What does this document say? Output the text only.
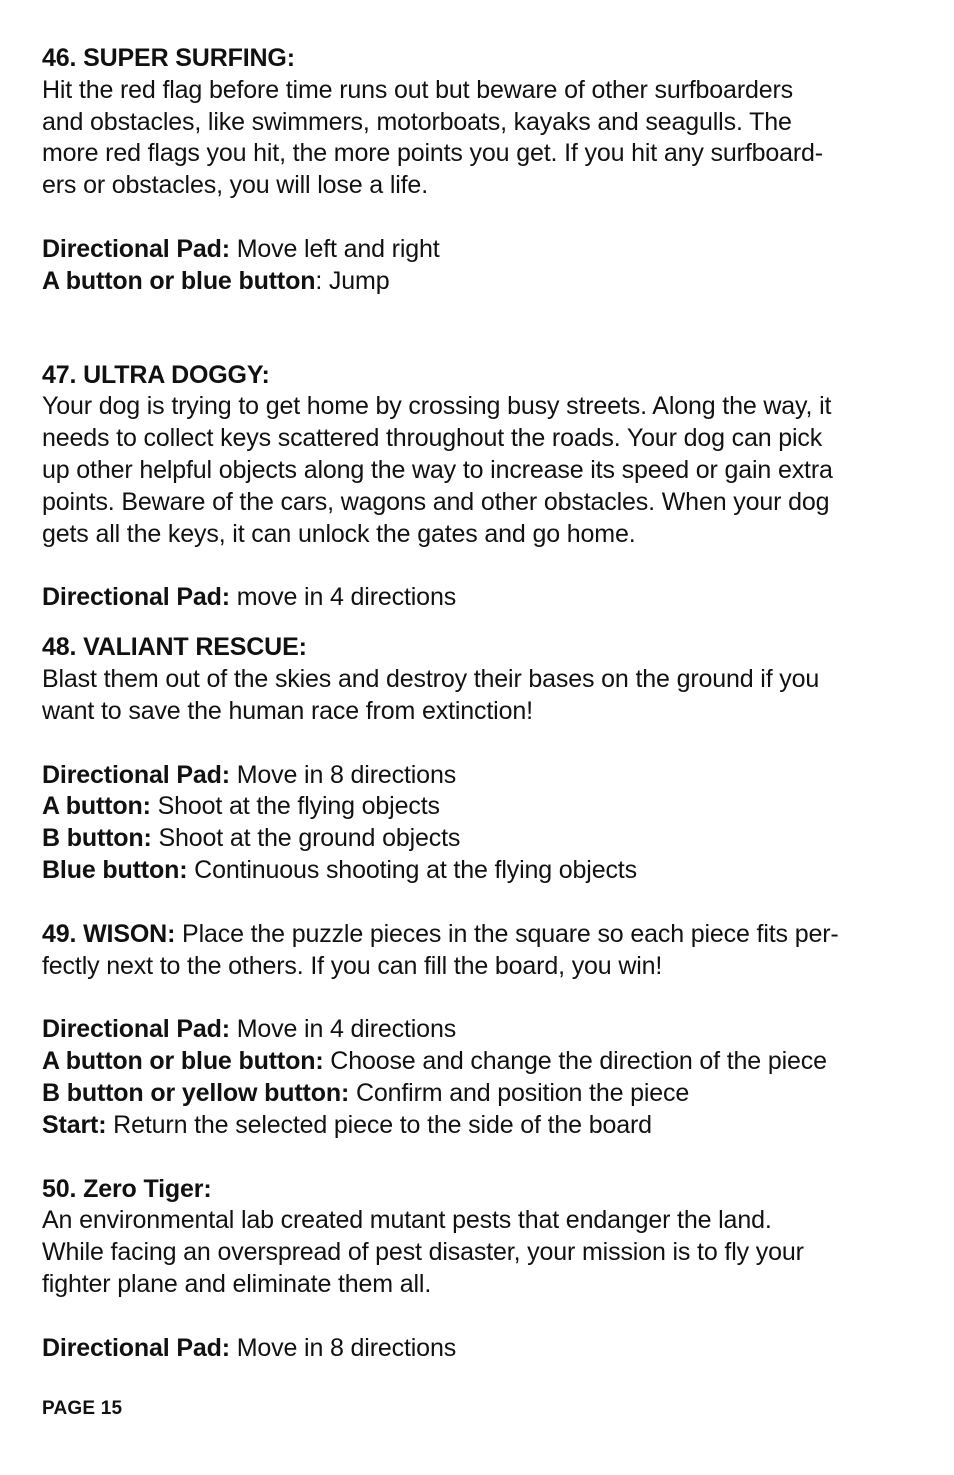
46. SUPER SURFING:

Hit the red flag before time runs out but beware of other surfboarders

and obstacles, like swimmers, motorboats, kayaks and seagulls. The

more red flags you hit, the more points you get. If you hit any surfboard-

ers or obstacles, you will lose a life.

Directional Pad: Move left and right

A button or blue button: Jump

47. ULTRA DOGGY:

Your dog is trying to get home by crossing busy streets. Along the way, it

needs to collect keys scattered throughout the roads. Your dog can pick

up other helpful objects along the way to increase its speed or gain extra

points. Beware of the cars, wagons and other obstacles. When your dog

gets all the keys, it can unlock the gates and go home.

Directional Pad: move in 4 directions

48. VALIANT RESCUE:

Blast them out of the skies and destroy their bases on the ground if you

want to save the human race from extinction!

Directional Pad: Move in 8 directions

A button: Shoot at the flying objects

B button: Shoot at the ground objects

Blue button: Continuous shooting at the flying objects

49. WISON: Place the puzzle pieces in the square so each piece fits per-

fectly next to the others. If you can fill the board, you win!

Directional Pad: Move in 4 directions

A button or blue button: Choose and change the direction of the piece

B button or yellow button: Confirm and position the piece

Start: Return the selected piece to the side of the board

50. Zero Tiger:

An environmental lab created mutant pests that endanger the land.

While facing an overspread of pest disaster, your mission is to fly your

fighter plane and eliminate them all.

Directional Pad: Move in 8 directions

PAGE 15
